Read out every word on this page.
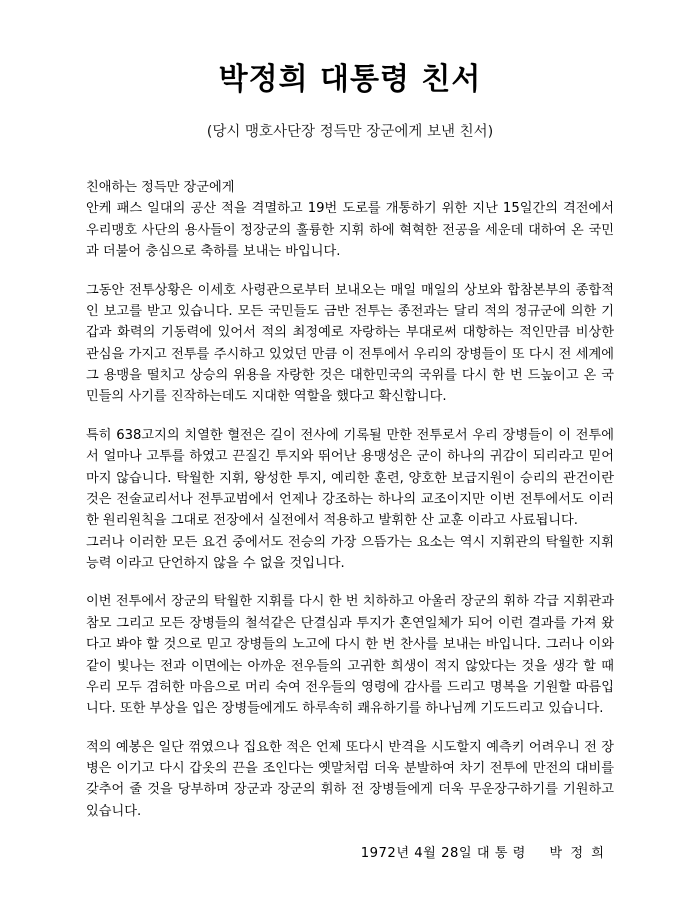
박정희 대통령 친서
(당시 맹호사단장 정득만 장군에게 보낸 친서)

친애하는 정득만 장군에게

안케 패스 일대의 공산 적을 격멸하고 19번 도로를 개통하기 위한 지난 15일간의 격전에서 우리맹호 사단의 용사들이 정장군의 훌륭한 지휘 하에 혁혁한 전공을 세운데 대하여 온 국민과 더불어 충심으로 축하를 보내는 바입니다.

그동안 전투상황은 이세호 사령관으로부터 보내오는 매일 매일의 상보와 합참본부의 종합적인 보고를 받고 있습니다. 모든 국민들도 금반 전투는 종전과는 달리 적의 정규군에 의한 기갑과 화력의 기동력에 있어서 적의 최정예로 자랑하는 부대로써 대항하는 적인만큼 비상한 관심을 가지고 전투를 주시하고 있었던 만큼 이 전투에서 우리의 장병들이 또 다시 전 세계에 그 용맹을 떨치고 상승의 위용을 자랑한 것은 대한민국의 국위를 다시 한 번 드높이고 온 국민들의 사기를 진작하는데도 지대한 역할을 했다고 확신합니다.

특히 638고지의 치열한 혈전은 길이 전사에 기록될 만한 전투로서 우리 장병들이 이 전투에서 얼마나 고투를 하였고 끈질긴 투지와 뛰어난 용맹성은 군이 하나의 귀감이 되리라고 믿어 마지 않습니다. 탁월한 지휘, 왕성한 투지, 예리한 훈련, 양호한 보급지원이 승리의 관건이란 것은 전술교리서나 전투교범에서 언제나 강조하는 하나의 교조이지만 이번 전투에서도 이러한 원리원칙을 그대로 전장에서 실전에서 적용하고 발휘한 산 교훈 이라고 사료됩니다.

그러나 이러한 모든 요건 중에서도 전승의 가장 으뜸가는 요소는 역시 지휘관의 탁월한 지휘능력 이라고 단언하지 않을 수 없을 것입니다.

이번 전투에서 장군의 탁월한 지휘를 다시 한 번 치하하고 아울러 장군의 휘하 각급 지휘관과 참모 그리고 모든 장병들의 철석같은 단결심과 투지가 혼연일체가 되어 이런 결과를 가져 왔다고 봐야 할 것으로 믿고 장병들의 노고에 다시 한 번 찬사를 보내는 바입니다. 그러나 이와 같이 빛나는 전과 이면에는 아까운 전우들의 고귀한 희생이 적지 않았다는 것을 생각 할 때 우리 모두 겸허한 마음으로 머리 숙여 전우들의 영령에 감사를 드리고 명복을 기원할 따름입니다. 또한 부상을 입은 장병들에게도 하루속히 쾌유하기를 하나님께 기도드리고 있습니다.

적의 예봉은 일단 꺾였으나 집요한 적은 언제 또다시 반격을 시도할지 예측키 어려우니 전 장병은 이기고 다시 갑옷의 끈을 조인다는 옛말처럼 더욱 분발하여 차기 전투에 만전의 대비를 갖추어 줄 것을 당부하며 장군과 장군의 휘하 전 장병들에게 더욱 무운장구하기를 기원하고 있습니다.

1972년 4월 28일 대 통 령 박 정 희
